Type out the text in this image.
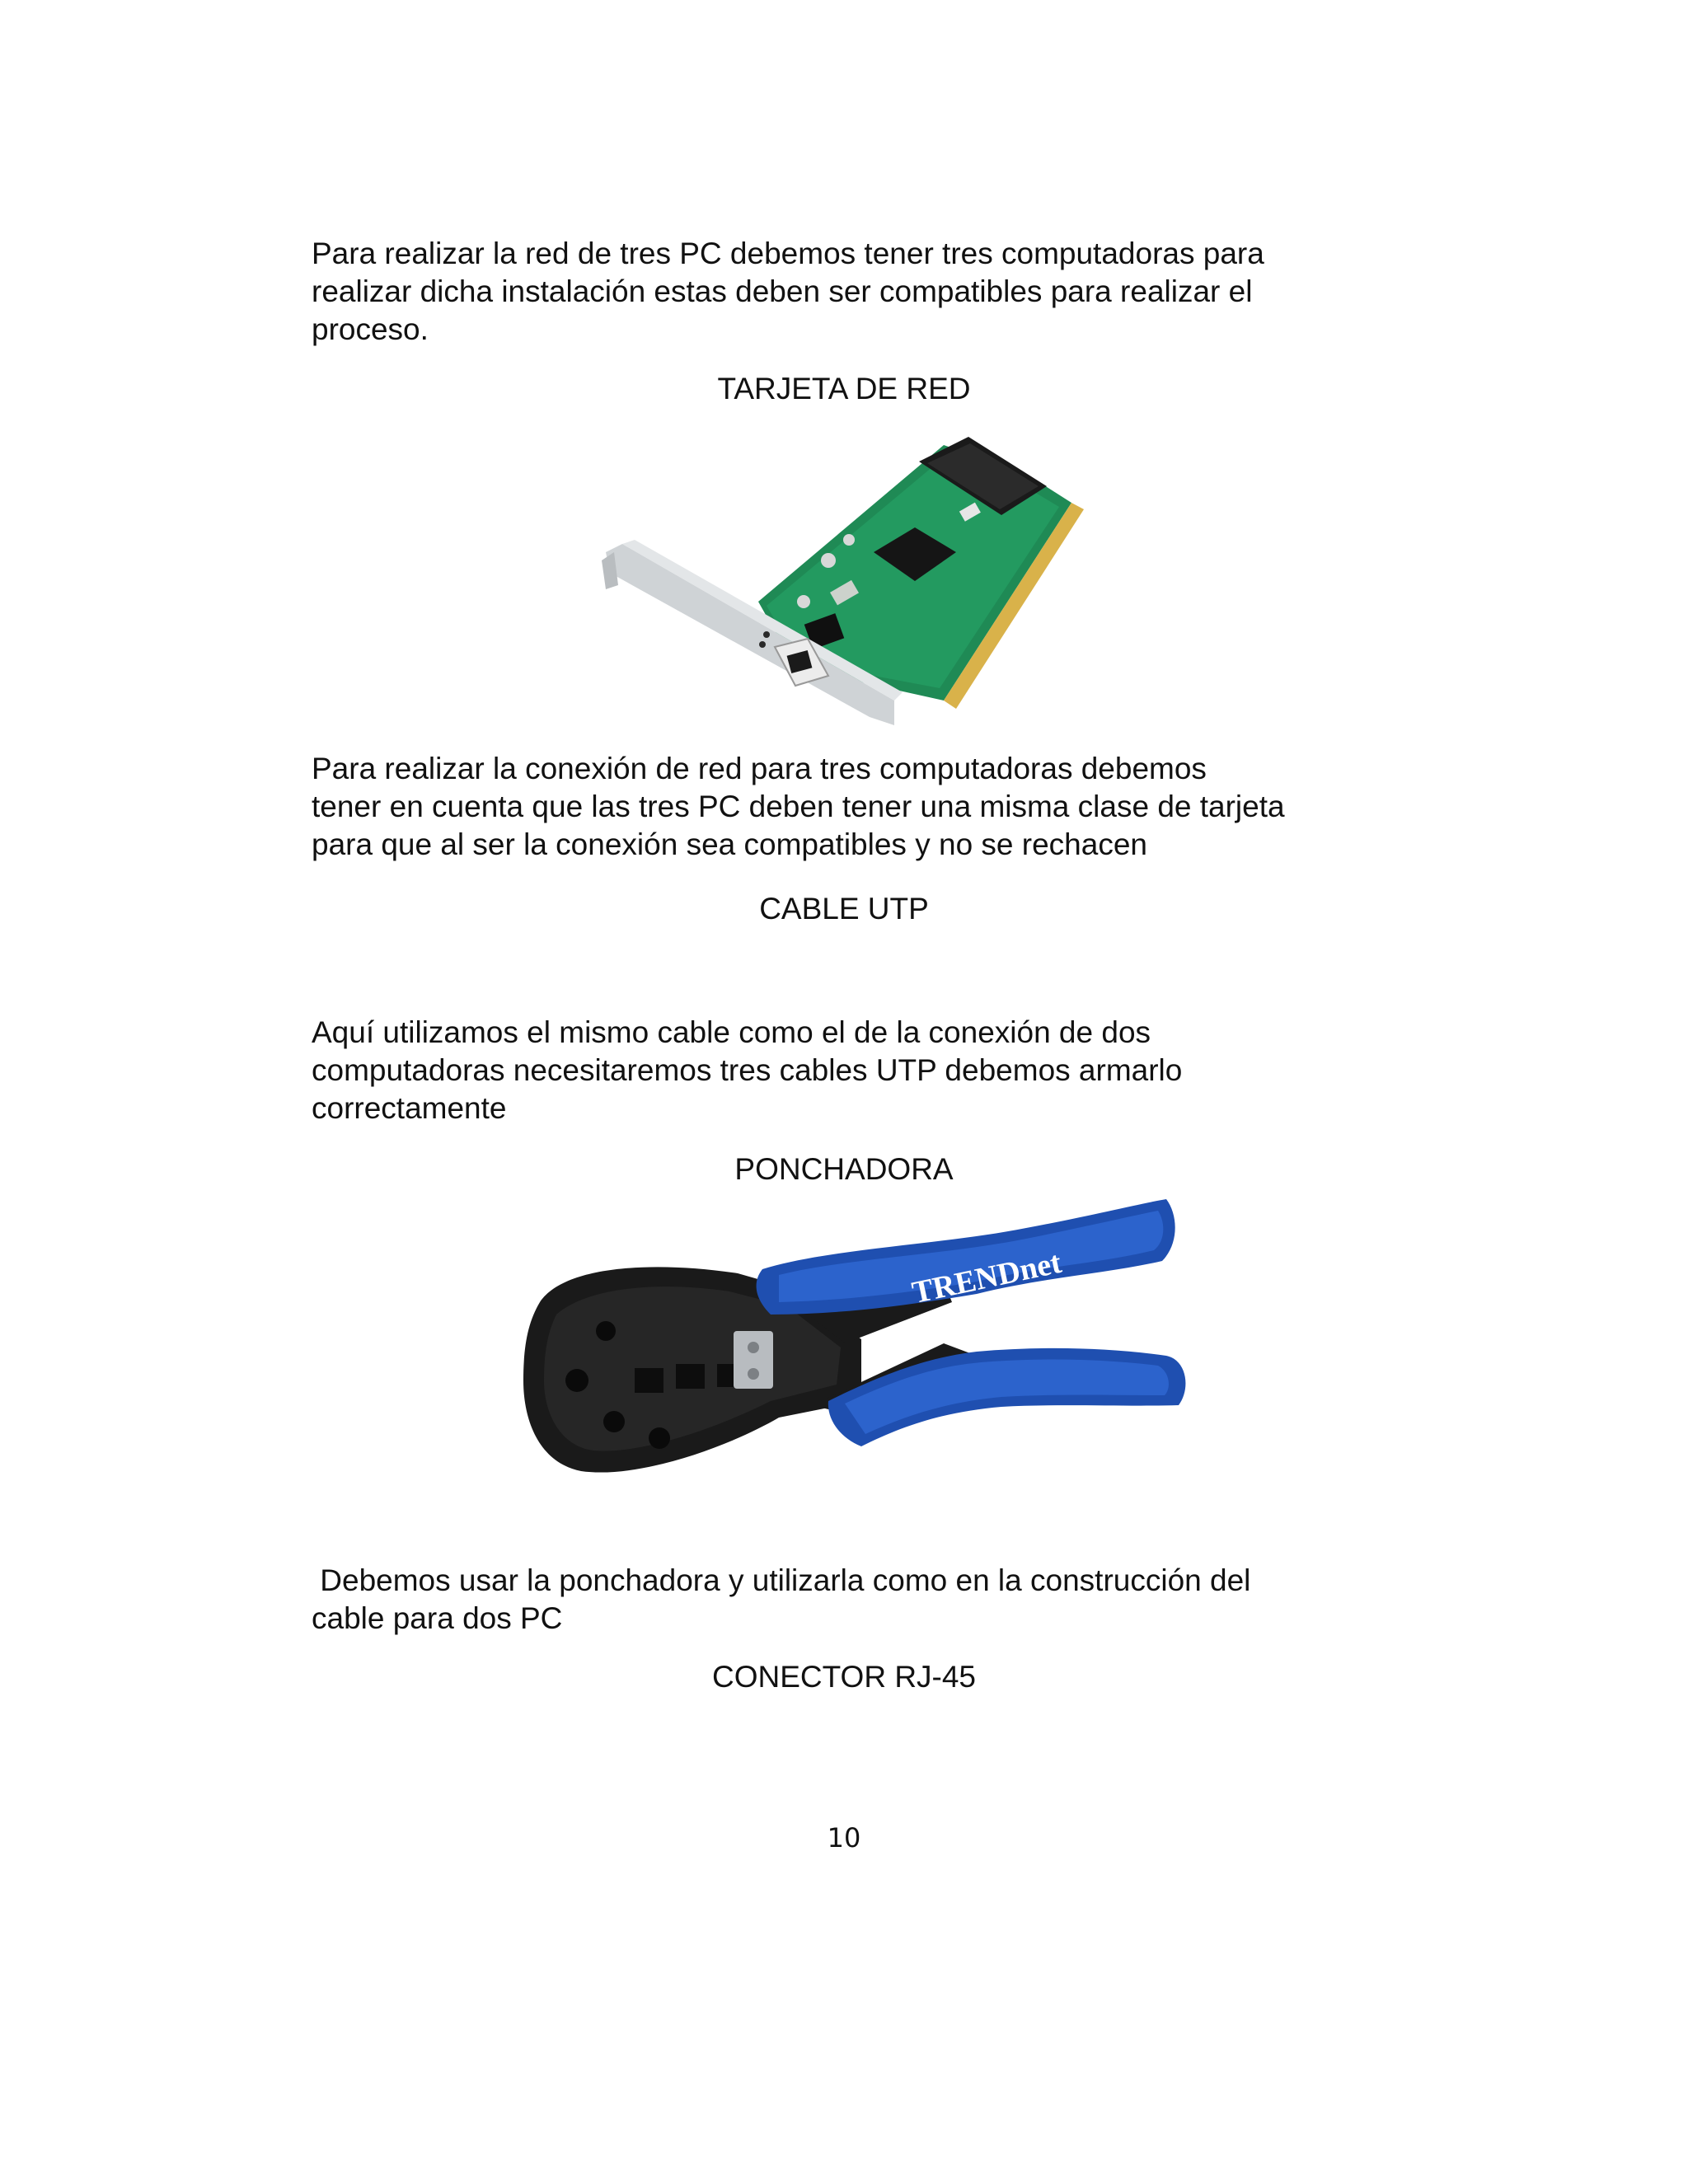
Para realizar la red de tres PC debemos tener tres computadoras para
realizar dicha instalación estas deben ser compatibles para realizar el
proceso.
TARJETA DE RED
Para realizar la conexión de red para tres computadoras debemos
tener en cuenta que las tres PC deben tener una misma clase de tarjeta
para que al ser la conexión sea compatibles y no se rechacen
CABLE UTP
Aquí utilizamos el mismo cable como el de la conexión de dos
computadoras necesitaremos tres cables UTP debemos armarlo
correctamente
PONCHADORA
TRENDnet
Debemos usar la ponchadora y utilizarla como en la construcción del
cable para dos PC
CONECTOR RJ-45
10
